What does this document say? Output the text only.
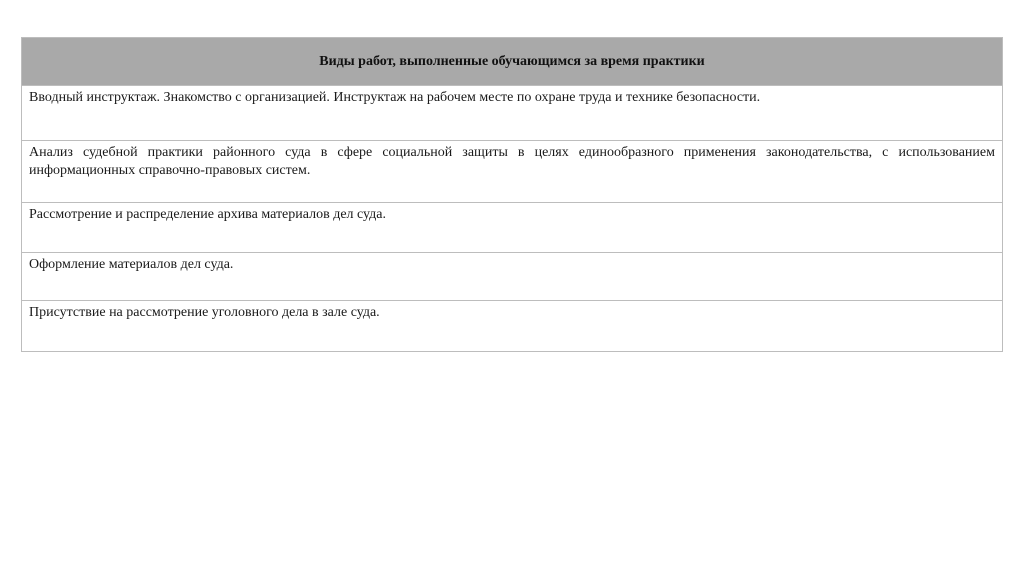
Виды работ, выполненные обучающимся за время практики
Вводный инструктаж. Знакомство с организацией. Инструктаж на рабочем месте по охране труда и технике безопасности.
Анализ судебной практики районного суда в сфере социальной защиты в целях единообразного применения законодательства, с использованием информационных справочно-правовых систем.
Рассмотрение и распределение архива материалов дел суда.
Оформление материалов дел суда.
Присутствие на рассмотрение уголовного дела в зале суда.
